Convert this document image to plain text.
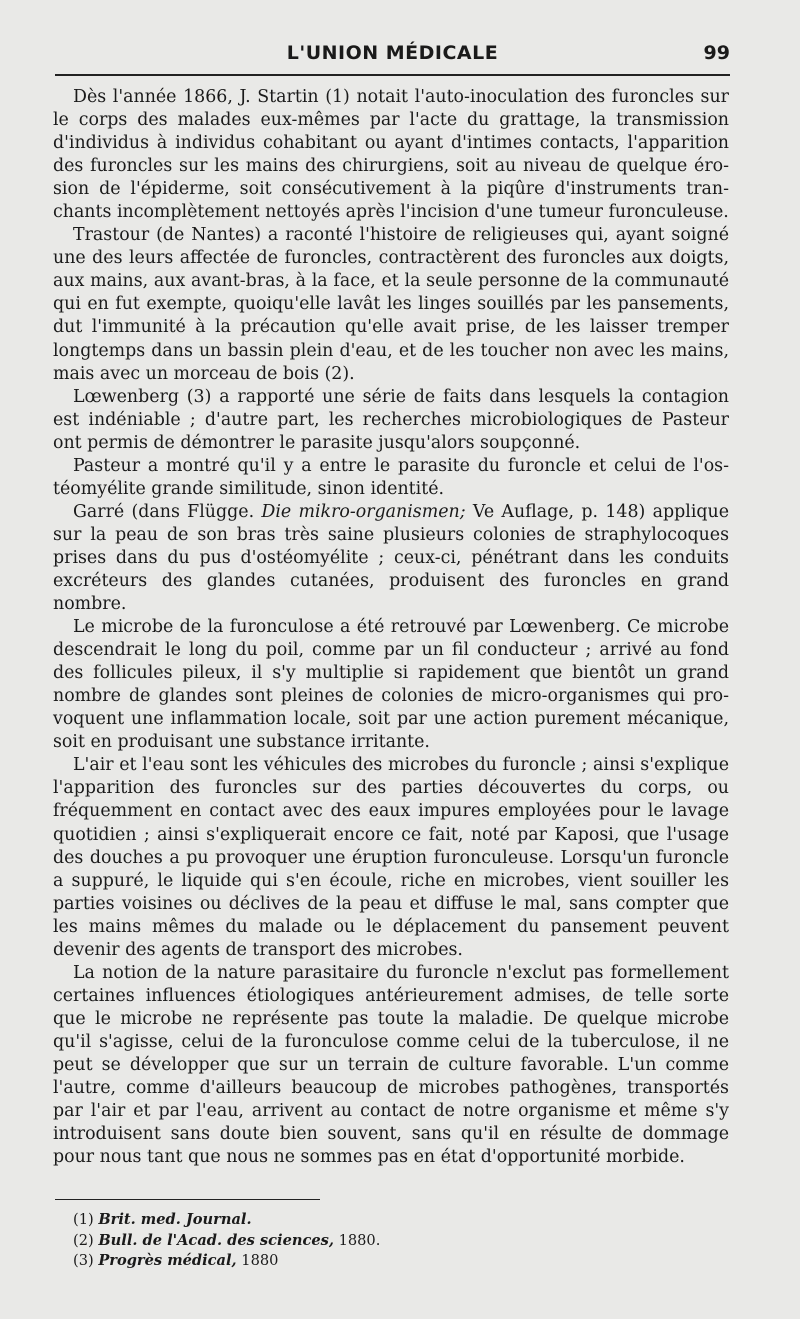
L'UNION MÉDICALE	99

Dès l'année 1866, J. Startin (1) notait l'auto-inoculation des furoncles sur le corps des malades eux-mêmes par l'acte du grattage, la transmission d'individus à individus cohabitant ou ayant d'intimes contacts, l'apparition des furoncles sur les mains des chirurgiens, soit au niveau de quelque érosion de l'épiderme, soit consécutivement à la piqûre d'instruments tranchants incomplètement nettoyés après l'incision d'une tumeur furonculeuse.

Trastour (de Nantes) a raconté l'histoire de religieuses qui, ayant soigné une des leurs affectée de furoncles, contractèrent des furoncles aux doigts, aux mains, aux avant-bras, à la face, et la seule personne de la communauté qui en fut exempte, quoiqu'elle lavât les linges souillés par les pansements, dut l'immunité à la précaution qu'elle avait prise, de les laisser tremper longtemps dans un bassin plein d'eau, et de les toucher non avec les mains, mais avec un morceau de bois (2).

Lœwenberg (3) a rapporté une série de faits dans lesquels la contagion est indéniable ; d'autre part, les recherches microbiologiques de Pasteur ont permis de démontrer le parasite jusqu'alors soupçonné.

Pasteur a montré qu'il y a entre le parasite du furoncle et celui de l'ostéomyélite grande similitude, sinon identité.

Garré (dans Flügge. Die mikro-organismen; Ve Auflage, p. 148) applique sur la peau de son bras très saine plusieurs colonies de straphylocoques prises dans du pus d'ostéomyélite ; ceux-ci, pénétrant dans les conduits excréteurs des glandes cutanées, produisent des furoncles en grand nombre.

Le microbe de la furonculose a été retrouvé par Lœwenberg. Ce microbe descendrait le long du poil, comme par un fil conducteur ; arrivé au fond des follicules pileux, il s'y multiplie si rapidement que bientôt un grand nombre de glandes sont pleines de colonies de micro-organismes qui provoquent une inflammation locale, soit par une action purement mécanique, soit en produisant une substance irritante.

L'air et l'eau sont les véhicules des microbes du furoncle ; ainsi s'explique l'apparition des furoncles sur des parties découvertes du corps, ou fréquemment en contact avec des eaux impures employées pour le lavage quotidien ; ainsi s'expliquerait encore ce fait, noté par Kaposi, que l'usage des douches a pu provoquer une éruption furonculeuse. Lorsqu'un furoncle a suppuré, le liquide qui s'en écoule, riche en microbes, vient souiller les parties voisines ou déclives de la peau et diffuse le mal, sans compter que les mains mêmes du malade ou le déplacement du pansement peuvent devenir des agents de transport des microbes.

La notion de la nature parasitaire du furoncle n'exclut pas formellement certaines influences étiologiques antérieurement admises, de telle sorte que le microbe ne représente pas toute la maladie. De quelque microbe qu'il s'agisse, celui de la furonculose comme celui de la tuberculose, il ne peut se développer que sur un terrain de culture favorable. L'un comme l'autre, comme d'ailleurs beaucoup de microbes pathogènes, transportés par l'air et par l'eau, arrivent au contact de notre organisme et même s'y introduisent sans doute bien souvent, sans qu'il en résulte de dommage pour nous tant que nous ne sommes pas en état d'opportunité morbide.

(1) Brit. med. Journal.
(2) Bull. de l'Acad. des sciences, 1880.
(3) Progrès médical, 1880
